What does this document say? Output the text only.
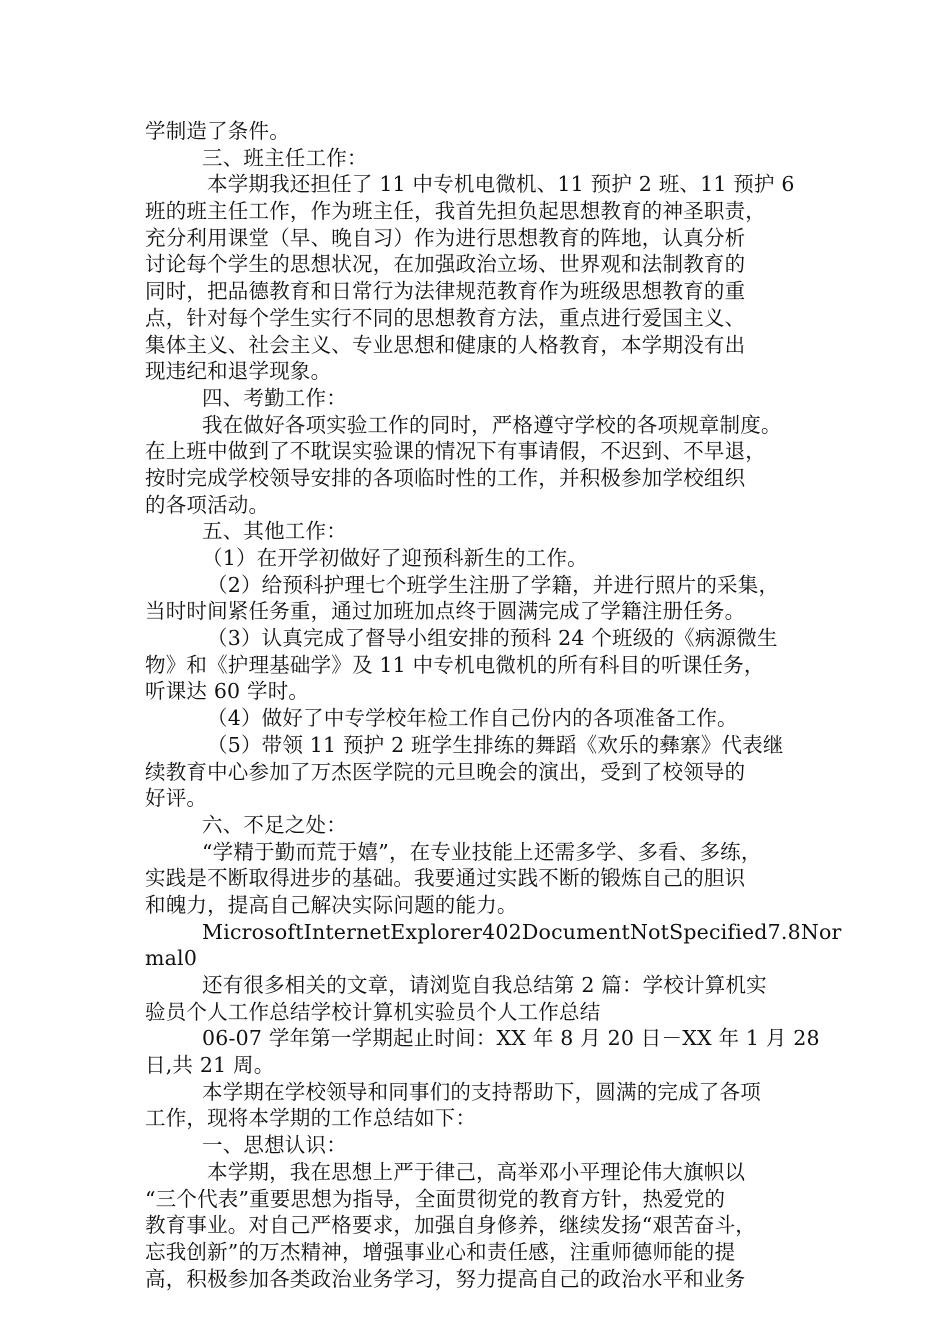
学制造了条件。
三、班主任工作：
本学期我还担任了 11 中专机电微机、11 预护 2 班、11 预护 6
班的班主任工作，作为班主任，我首先担负起思想教育的神圣职责，
充分利用课堂（早、晚自习）作为进行思想教育的阵地，认真分析
讨论每个学生的思想状况，在加强政治立场、世界观和法制教育的
同时，把品德教育和日常行为法律规范教育作为班级思想教育的重
点，针对每个学生实行不同的思想教育方法，重点进行爱国主义、
集体主义、社会主义、专业思想和健康的人格教育，本学期没有出
现违纪和退学现象。
四、考勤工作：
我在做好各项实验工作的同时，严格遵守学校的各项规章制度。
在上班中做到了不耽误实验课的情况下有事请假，不迟到、不早退，
按时完成学校领导安排的各项临时性的工作，并积极参加学校组织
的各项活动。
五、其他工作：
（1）在开学初做好了迎预科新生的工作。
（2）给预科护理七个班学生注册了学籍，并进行照片的采集，
当时时间紧任务重，通过加班加点终于圆满完成了学籍注册任务。
（3）认真完成了督导小组安排的预科 24 个班级的《病源微生
物》和《护理基础学》及 11 中专机电微机的所有科目的听课任务，
听课达 60 学时。
（4）做好了中专学校年检工作自己份内的各项准备工作。
（5）带领 11 预护 2 班学生排练的舞蹈《欢乐的彝寨》代表继
续教育中心参加了万杰医学院的元旦晚会的演出，受到了校领导的
好评。
六、不足之处：
“学精于勤而荒于嬉”，在专业技能上还需多学、多看、多练，
实践是不断取得进步的基础。我要通过实践不断的锻炼自己的胆识
和魄力，提高自己解决实际问题的能力。
MicrosoftInternetExplorer402DocumentNotSpecified7.8Nor
mal0
还有很多相关的文章，请浏览自我总结第 2 篇：学校计算机实
验员个人工作总结学校计算机实验员个人工作总结
06-07 学年第一学期起止时间：XX 年 8 月 20 日－XX 年 1 月 28
日,共 21 周。
本学期在学校领导和同事们的支持帮助下，圆满的完成了各项
工作，现将本学期的工作总结如下：
一、思想认识：
本学期，我在思想上严于律己，高举邓小平理论伟大旗帜以
“三个代表”重要思想为指导，全面贯彻党的教育方针，热爱党的
教育事业。对自己严格要求，加强自身修养，继续发扬“艰苦奋斗，
忘我创新”的万杰精神，增强事业心和责任感，注重师德师能的提
高，积极参加各类政治业务学习，努力提高自己的政治水平和业务
